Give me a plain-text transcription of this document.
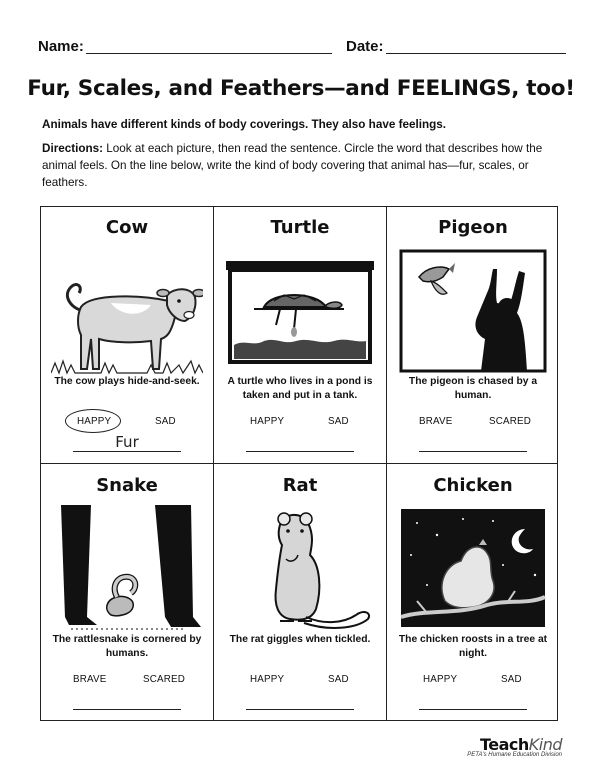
Name:	Date:
Fur, Scales, and Feathers—and FEELINGS, too!
Animals have different kinds of body coverings. They also have feelings.
Directions: Look at each picture, then read the sentence. Circle the word that describes how the animal feels. On the line below, write the kind of body covering that animal has—fur, scales, or feathers.
Cow
The cow plays hide-and-seek.
HAPPY	SAD
Fur
Turtle
A turtle who lives in a pond is taken and put in a tank.
HAPPY	SAD
Pigeon
The pigeon is chased by a human.
BRAVE	SCARED
Snake
The rattlesnake is cornered by humans.
BRAVE	SCARED
Rat
The rat giggles when tickled.
HAPPY	SAD
Chicken
The chicken roosts in a tree at night.
HAPPY	SAD
TeachKind
PETA's Humane Education Division
